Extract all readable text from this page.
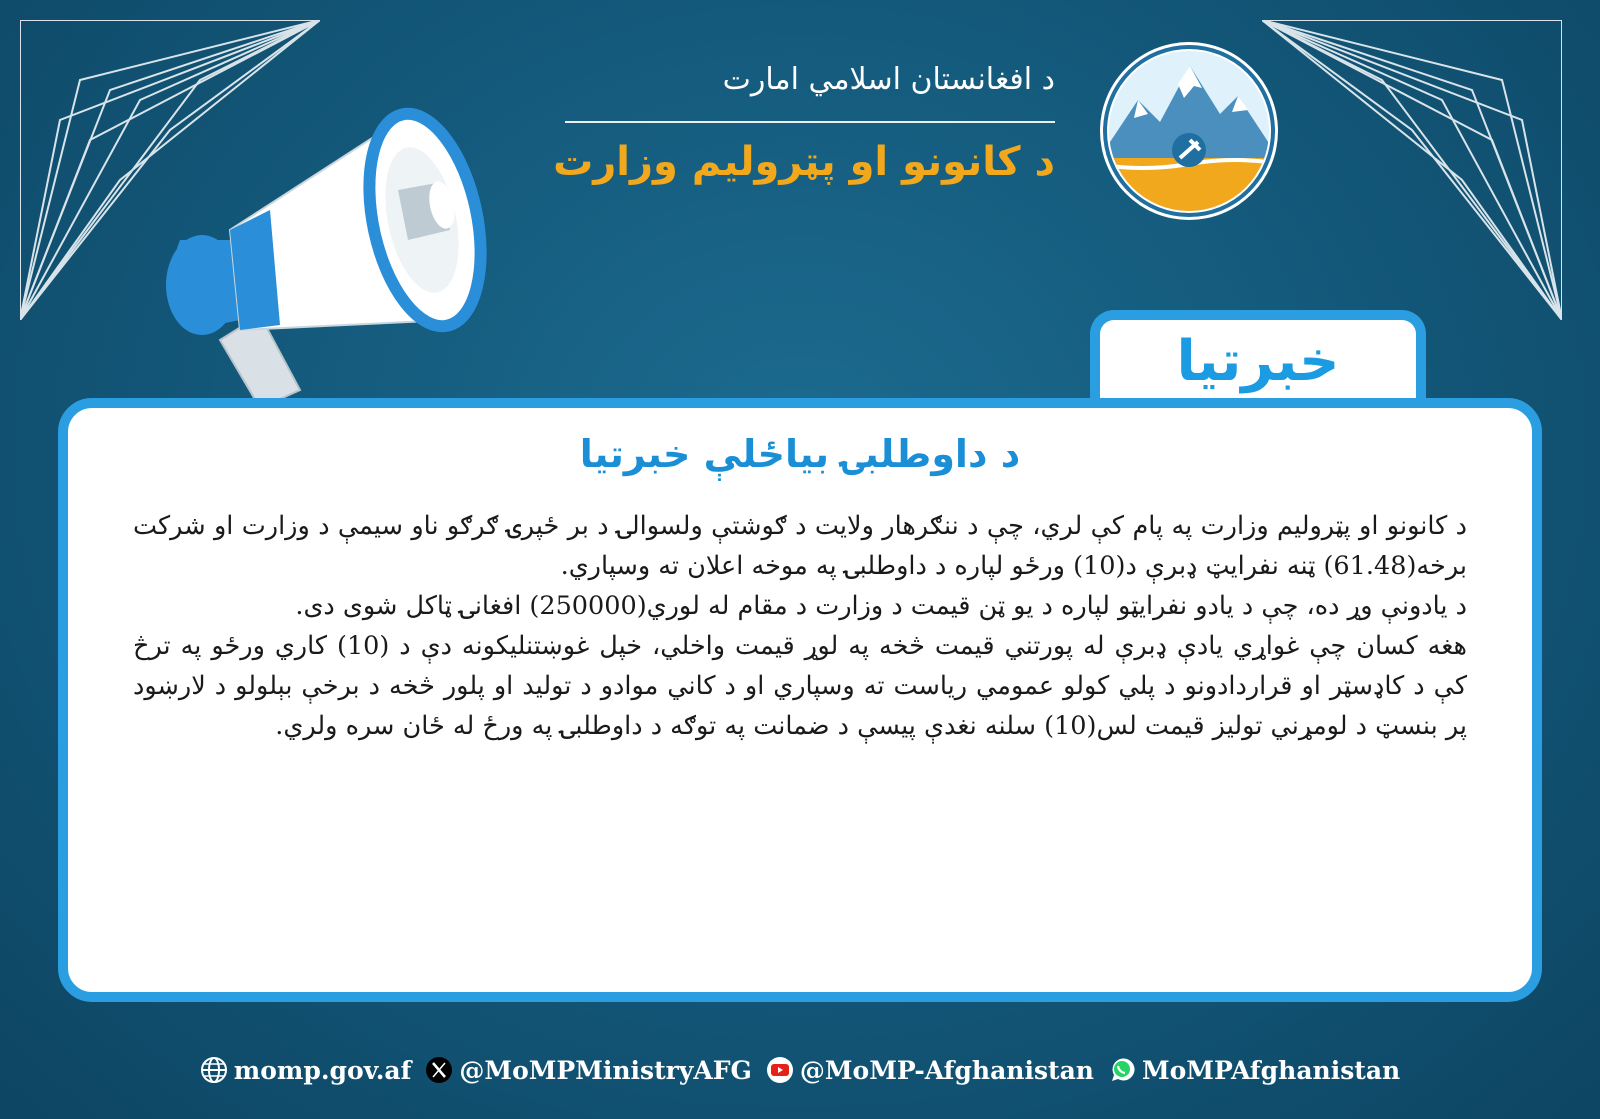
د افغانستان اسلامي امارت
د کانونو او پټرولیم وزارت
خبرتیا
د داوطلبۍ بیاځلې خبرتیا

د کانونو او پټرولیم وزارت په پام کې لري، چې د ننګرهار ولایت د ګوشتې ولسوالۍ د بر ځپرۍ ګرګو ناو سیمې د وزارت او شرکت برخه(61.48) ټنه نفرایټ ډبرې د(10) ورځو لپاره د داوطلبۍ په موخه اعلان ته وسپاري.

د یادونې وړ ده، چې د یادو نفرایټو لپاره د یو ټن قیمت د وزارت د مقام له لوري(250000) افغانۍ ټاکل شوی دی.

هغه کسان چې غواړي یادې ډبرې له پورتني قیمت څخه په لوړ قیمت واخلي، خپل غوښتنلیکونه دې د (10) کاري ورځو په ترڅ کې د کاډسټر او قراردادونو د پلي کولو عمومي ریاست ته وسپاري او د کاني موادو د تولید او پلور څخه د برخې بېلولو د لارښود پر بنسټ د لومړني تولیز قیمت لس(10) سلنه نغدې پیسې د ضمانت په توګه د داوطلبۍ په ورځ له ځان سره ولري.

momp.gov.af @MoMPMinistryAFG @MoMP-Afghanistan MoMPAfghanistan
